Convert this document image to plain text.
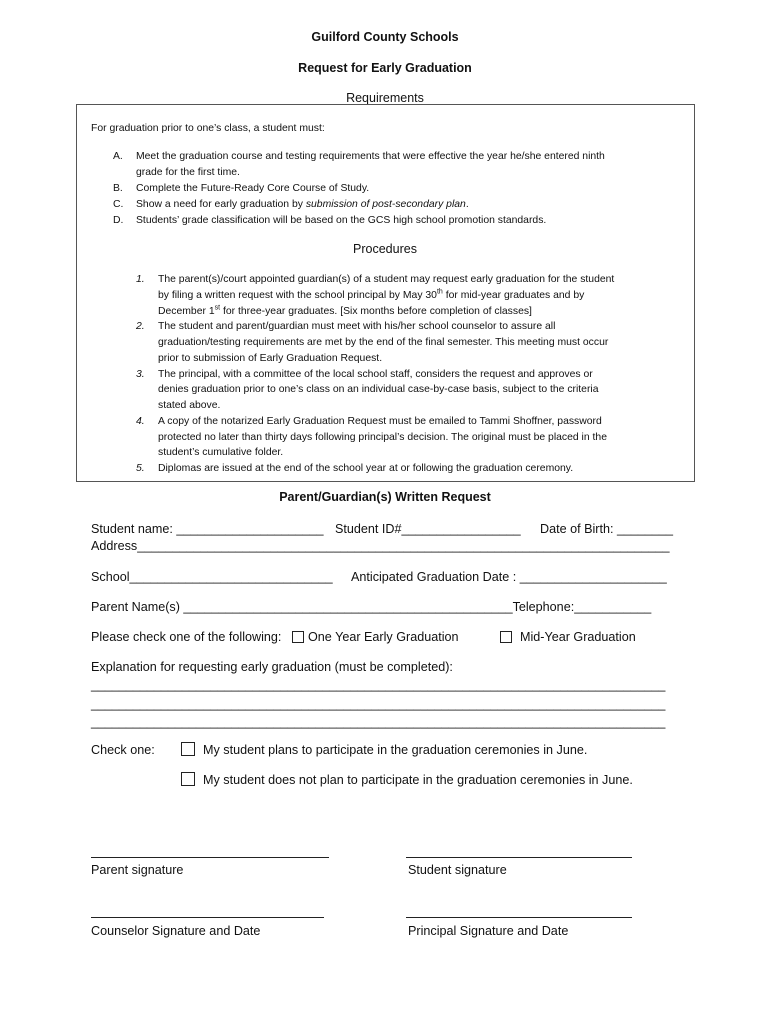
Guilford County Schools
Request for Early Graduation
Requirements
For graduation prior to one’s class, a student must:
A. Meet the graduation course and testing requirements that were effective the year he/she entered ninth
grade for the first time.
B. Complete the Future-Ready Core Course of Study.
C. Show a need for early graduation by submission of post-secondary plan.
D. Students’ grade classification will be based on the GCS high school promotion standards.
Procedures
1. The parent(s)/court appointed guardian(s) of a student may request early graduation for the student
by filing a written request with the school principal by May 30th for mid-year graduates and by
December 1st for three-year graduates. [Six months before completion of classes]
2. The student and parent/guardian must meet with his/her school counselor to assure all
graduation/testing requirements are met by the end of the final semester. This meeting must occur
prior to submission of Early Graduation Request.
3. The principal, with a committee of the local school staff, considers the request and approves or
denies graduation prior to one’s class on an individual case-by-case basis, subject to the criteria
stated above.
4. A copy of the notarized Early Graduation Request must be emailed to Tammi Shoffner, password
protected no later than thirty days following principal’s decision. The original must be placed in the
student’s cumulative folder.
5. Diplomas are issued at the end of the school year at or following the graduation ceremony.
Parent/Guardian(s) Written Request
Student name: _____________________ Student ID#_________________ Date of Birth: ________
Address____________________________________________________________________________
School_____________________________ Anticipated Graduation Date : _____________________
Parent Name(s) _______________________________________________Telephone:___________
Please check one of the following:	One Year Early Graduation	Mid-Year Graduation
Explanation for requesting early graduation (must be completed):
__________________________________________________________________________________
__________________________________________________________________________________
__________________________________________________________________________________
Check one:	My student plans to participate in the graduation ceremonies in June.
My student does not plan to participate in the graduation ceremonies in June.
Parent signature	Student signature
Counselor Signature and Date	Principal Signature and Date
